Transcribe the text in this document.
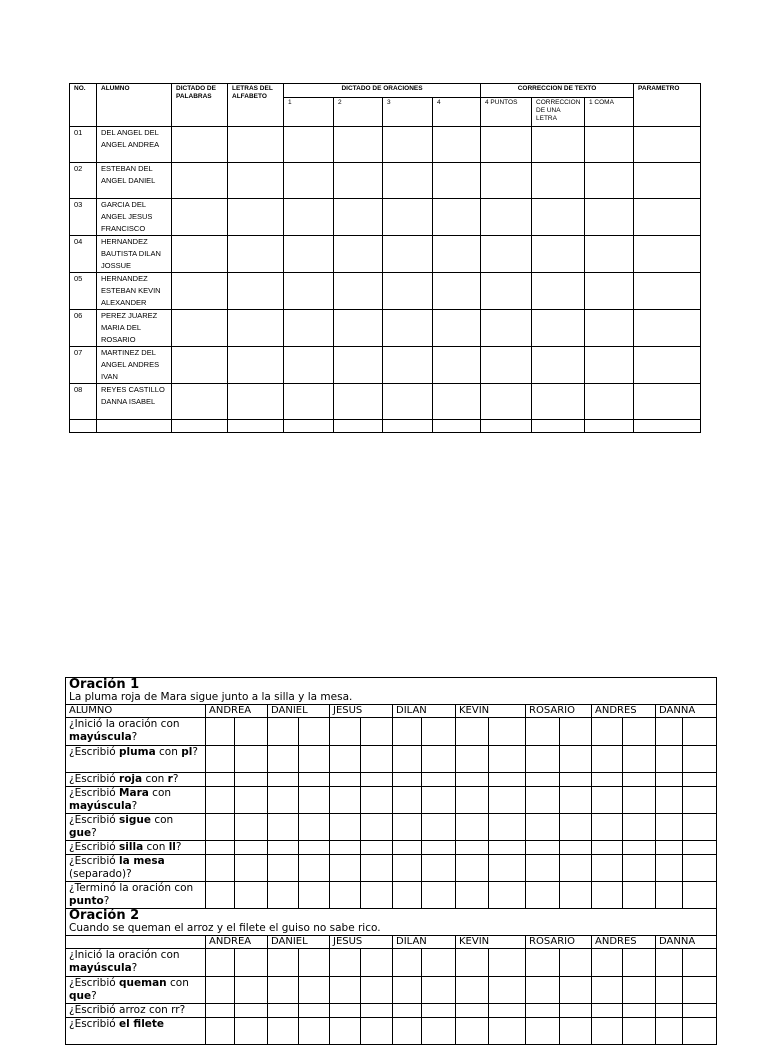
NO.	ALUMNO	DICTADO DE PALABRAS	LETRAS DEL ALFABETO	DICTADO DE ORACIONES				CORRECCION DE TEXTO			PARAMETRO
				1	2	3	4	4 PUNTOS	CORRECCION DE UNA LETRA	1 COMA	
01	DEL ANGEL DEL ANGEL ANDREA										
02	ESTEBAN DEL ANGEL DANIEL										
03	GARCIA DEL ANGEL JESUS FRANCISCO										
04	HERNANDEZ BAUTISTA DILAN JOSSUE										
05	HERNANDEZ ESTEBAN KEVIN ALEXANDER										
06	PEREZ JUAREZ MARIA DEL ROSARIO										
07	MARTINEZ DEL ANGEL ANDRES IVAN										
08	REYES CASTILLO DANNA ISABEL										

Oración 1
La pluma roja de Mara sigue junto a la silla y la mesa.																

ALUMNO	ANDREA		DANIEL		JESUS		DILAN		KEVIN		ROSARIO		ANDRES		DANNA	
¿Inició la oración con mayúscula?																
¿Escribió pluma con pl?																
¿Escribió roja con r?																
¿Escribió Mara con mayúscula?																
¿Escribió sigue con gue?																
¿Escribió silla con ll?																
¿Escribió la mesa (separado)?																
¿Terminó la oración con punto?																

Oración 2
Cuando se queman el arroz y el filete el guiso no sabe rico.																

	ANDREA		DANIEL		JESUS		DILAN		KEVIN		ROSARIO		ANDRES		DANNA	
¿Inició la oración con mayúscula?																
¿Escribió queman con que?																
¿Escribió arroz con rr?																
¿Escribió el filete																
